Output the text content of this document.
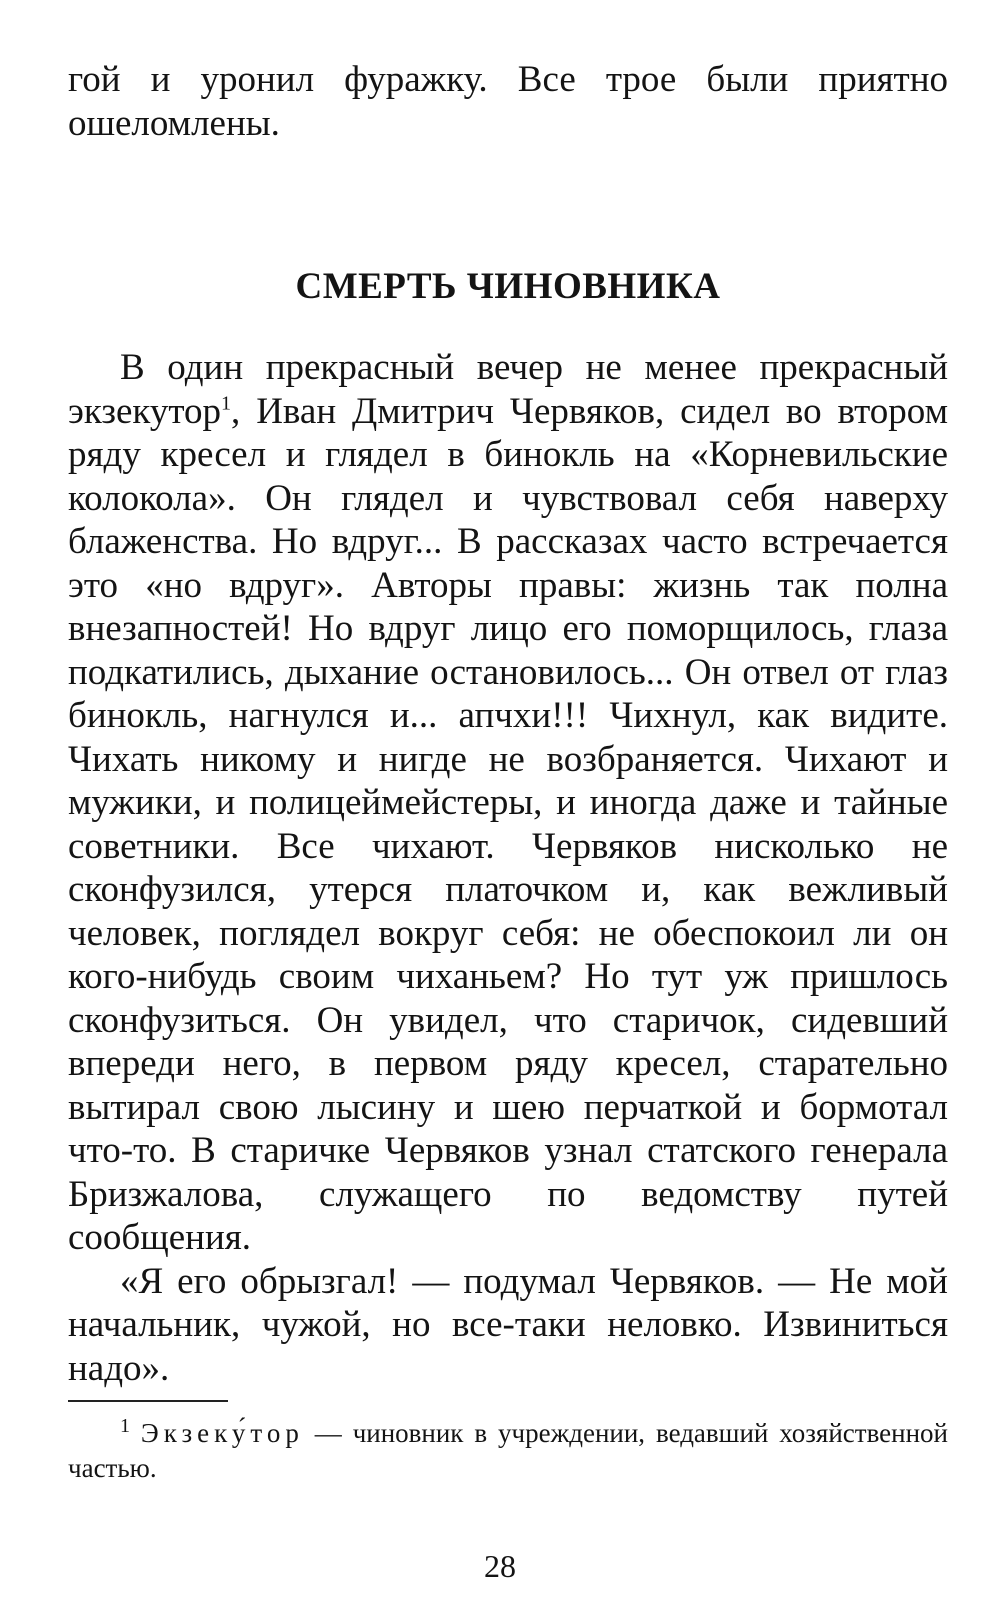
гой и уронил фуражку. Все трое были приятно ошеломлены.

СМЕРТЬ ЧИНОВНИКА

В один прекрасный вечер не менее прекрасный экзекутор$^1$, Иван Дмитрич Червяков, сидел во втором ряду кресел и глядел в бинокль на «Корневильские колокола». Он глядел и чувствовал себя наверху блаженства. Но вдруг... В рассказах часто встречается это «но вдруг». Авторы правы: жизнь так полна внезапностей! Но вдруг лицо его поморщилось, глаза подкатились, дыхание остановилось... Он отвел от глаз бинокль, нагнулся и... апчхи!!! Чихнул, как видите. Чихать никому и нигде не возбраняется. Чихают и мужики, и полицеймейстеры, и иногда даже и тайные советники. Все чихают. Червяков нисколько не сконфузился, утерся платочком и, как вежливый человек, поглядел вокруг себя: не обеспокоил ли он кого-нибудь своим чиханьем? Но тут уж пришлось сконфузиться. Он увидел, что старичок, сидевший впереди него, в первом ряду кресел, старательно вытирал свою лысину и шею перчаткой и бормотал что-то. В старичке Червяков узнал статского генерала Бризжалова, служащего по ведомству путей сообщения.

«Я его обрызгал! — подумал Червяков. — Не мой начальник, чужой, но все-таки неловко. Извиниться надо».

$^1$ Экзеку́тор — чиновник в учреждении, ведавший хозяйственной частью.

28
